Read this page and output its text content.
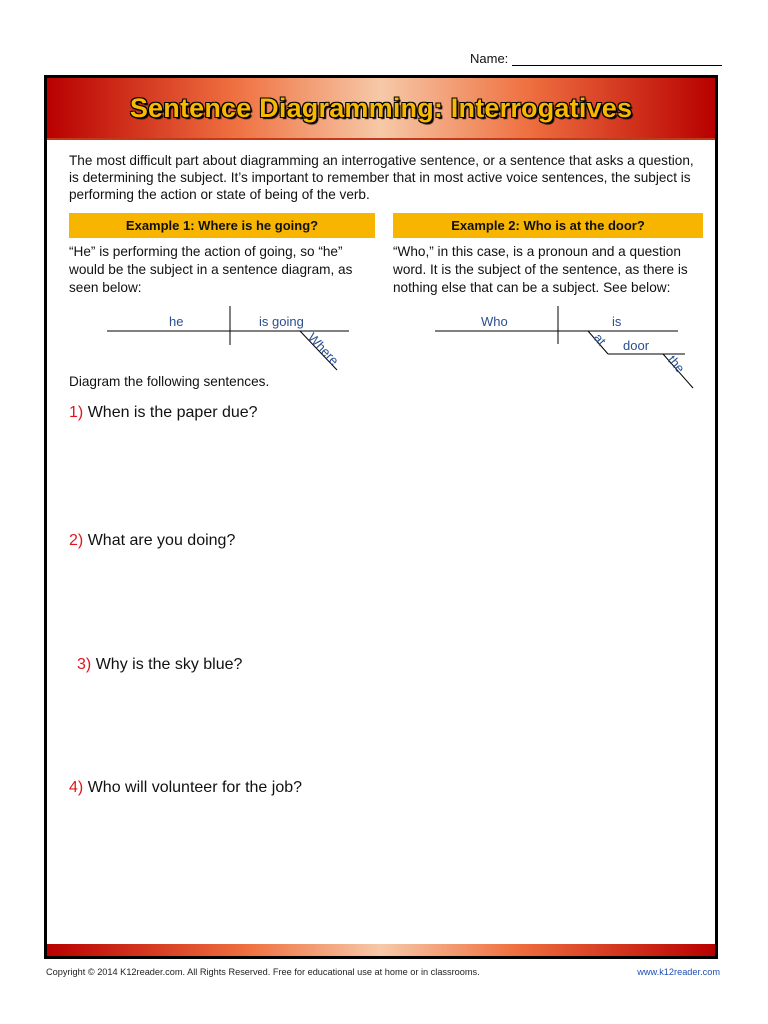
Name:
Sentence Diagramming: Interrogatives
The most difficult part about diagramming an interrogative sentence, or a sentence that asks a question, is determining the subject. It’s important to remember that in most active voice sentences, the subject is performing the action or state of being of the verb.
Example 1: Where is he going?	Example 2: Who is at the door?
“He” is performing the action of going, so “he” would be the subject in a sentence diagram, as seen below:
“Who,” in this case, is a pronoun and a question word. It is the subject of the sentence, as there is nothing else that can be a subject. See below:
he	is going
Where
Who	is
at door
the
Diagram the following sentences.
1) When is the paper due?
2) What are you doing?
3) Why is the sky blue?
4) Who will volunteer for the job?
Copyright © 2014 K12reader.com. All Rights Reserved. Free for educational use at home or in classrooms.	www.k12reader.com
